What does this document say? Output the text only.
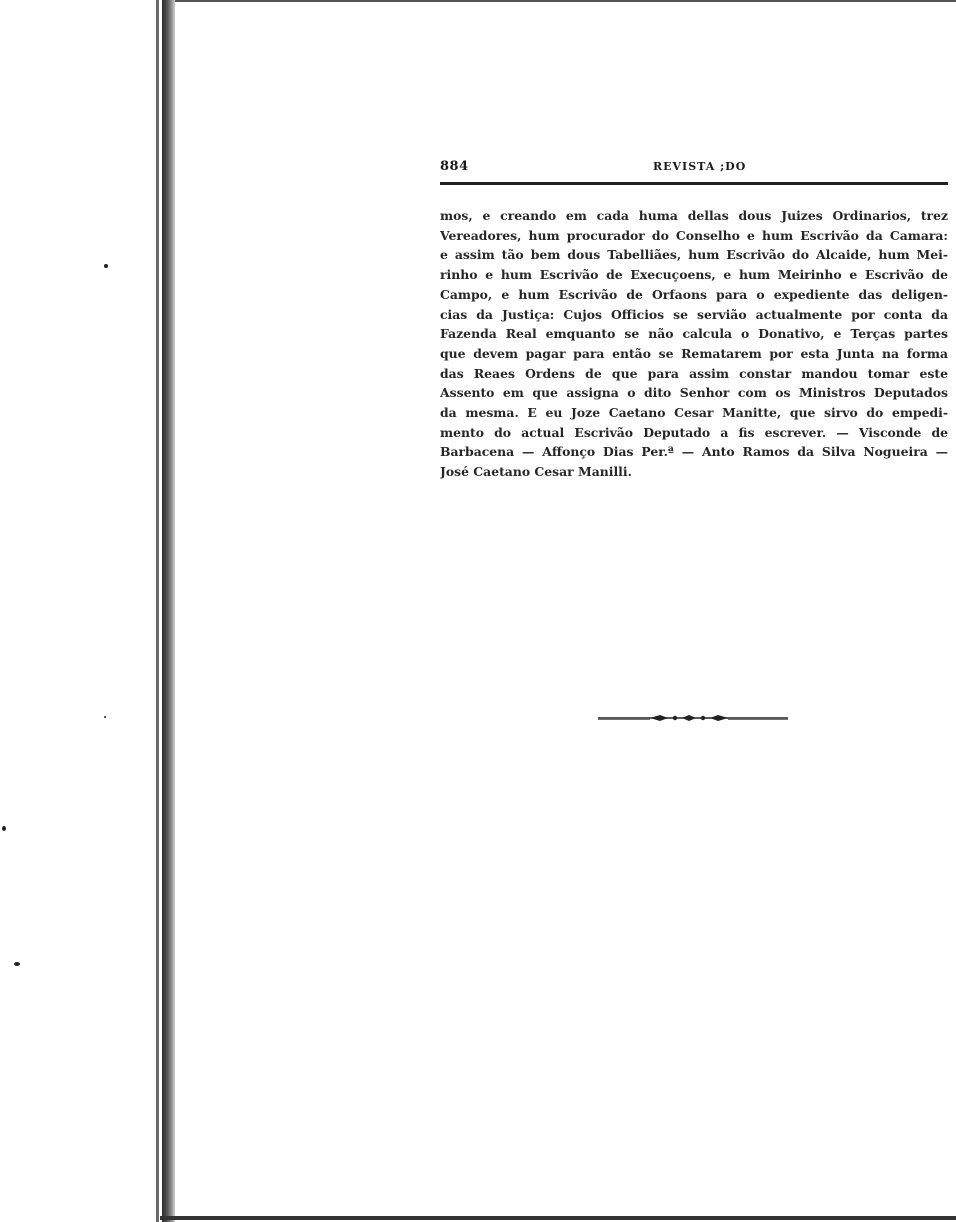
884	REVISTA ;DO

mos, e creando em cada huma dellas dous Juizes Ordinarios, trez
Vereadores, hum procurador do Conselho e hum Escrivão da Camara:
e assim tão bem dous Tabelliães, hum Escrivão do Alcaide, hum Mei-
rinho e hum Escrivão de Execuçoens, e hum Meirinho e Escrivão de
Campo, e hum Escrivão de Orfaons para o expediente das deligen-
cias da Justiça: Cujos Officios se servião actualmente por conta da
Fazenda Real emquanto se não calcula o Donativo, e Terças partes
que devem pagar para então se Rematarem por esta Junta na forma
das Reaes Ordens de que para assim constar mandou tomar este
Assento em que assigna o dito Senhor com os Ministros Deputados
da mesma. E eu Joze Caetano Cesar Manitte, que sirvo do empedi-
mento do actual Escrivão Deputado a fis escrever. — Visconde de
Barbacena — Affonço Dias Per.ª — Anto Ramos da Silva Nogueira —
José Caetano Cesar Manilli.
